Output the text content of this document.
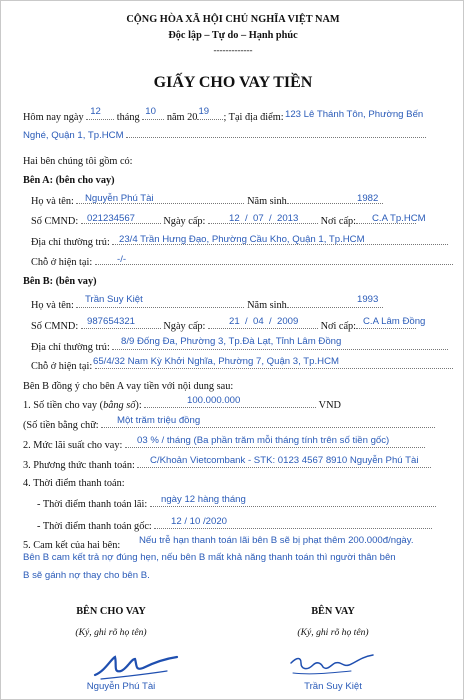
CỘNG HÒA XÃ HỘI CHỦ NGHĨA VIỆT NAM
Độc lập – Tự do – Hạnh phúc
-------------
GIẤY CHO VAY TIỀN
Hôm nay ngày
12
tháng
10
năm 20
19
; Tại địa điểm: 123 Lê Thánh Tôn, Phường Bến
Nghé, Quận 1, Tp.HCM
Hai bên chúng tôi gồm có:
Bên A: (bên cho vay)
Họ và tên:	Năm sinh
Nguyễn Phú Tài	1982
Số CMND:	Ngày cấp:	Nơi cấp:
021234567	12  /  07  /  2013	C.A Tp.HCM
Địa chỉ thường trú: 23/4 Trần Hưng Đạo, Phường Cầu Kho, Quận 1, Tp.HCM
Chỗ ở hiện tại:	-/-
Bên B: (bên vay)
Họ và tên:	Năm sinh
Trần Suy Kiệt	1993
Số CMND:	Ngày cấp:	Nơi cấp:
987654321	21  /  04  /  2009	C.A Lâm Đồng
Địa chỉ thường trú:
8/9 Đống Đa, Phường 3, Tp.Đà Lạt, Tỉnh Lâm Đồng
Chỗ ở hiện tại: 65/4/32 Nam Kỳ Khởi Nghĩa, Phường 7, Quận 3, Tp.HCM
Bên B đồng ý cho bên A vay tiền với nội dung sau:
1. Số tiền cho vay (bằng số):	VND
100.000.000
(Số tiền bằng chữ:	Một trăm triệu đồng
2. Mức lãi suất cho vay:	03 % / tháng (Ba phần trăm mỗi tháng tính trên số tiền gốc)
3. Phương thức thanh toán:	C/Khoản Vietcombank - STK: 0123 4567 8910 Nguyễn Phú Tài
4. Thời điểm thanh toán:
- Thời điểm thanh toán lãi:	ngày 12 hàng tháng
- Thời điểm thanh toán gốc:	12 / 10 /2020
5. Cam kết của hai bên: Nếu trễ hạn thanh toán lãi bên B sẽ bị phạt thêm 200.000đ/ngày.
Bên B cam kết trả nợ đúng hẹn, nếu bên B mất khả năng thanh toán thì người thân bên
B sẽ gánh nợ thay cho bên B.
BÊN CHO VAY	BÊN VAY
(Ký, ghi rõ họ tên)	(Ký, ghi rõ họ tên)
Nguyễn Phú Tài	Trần Suy Kiệt
